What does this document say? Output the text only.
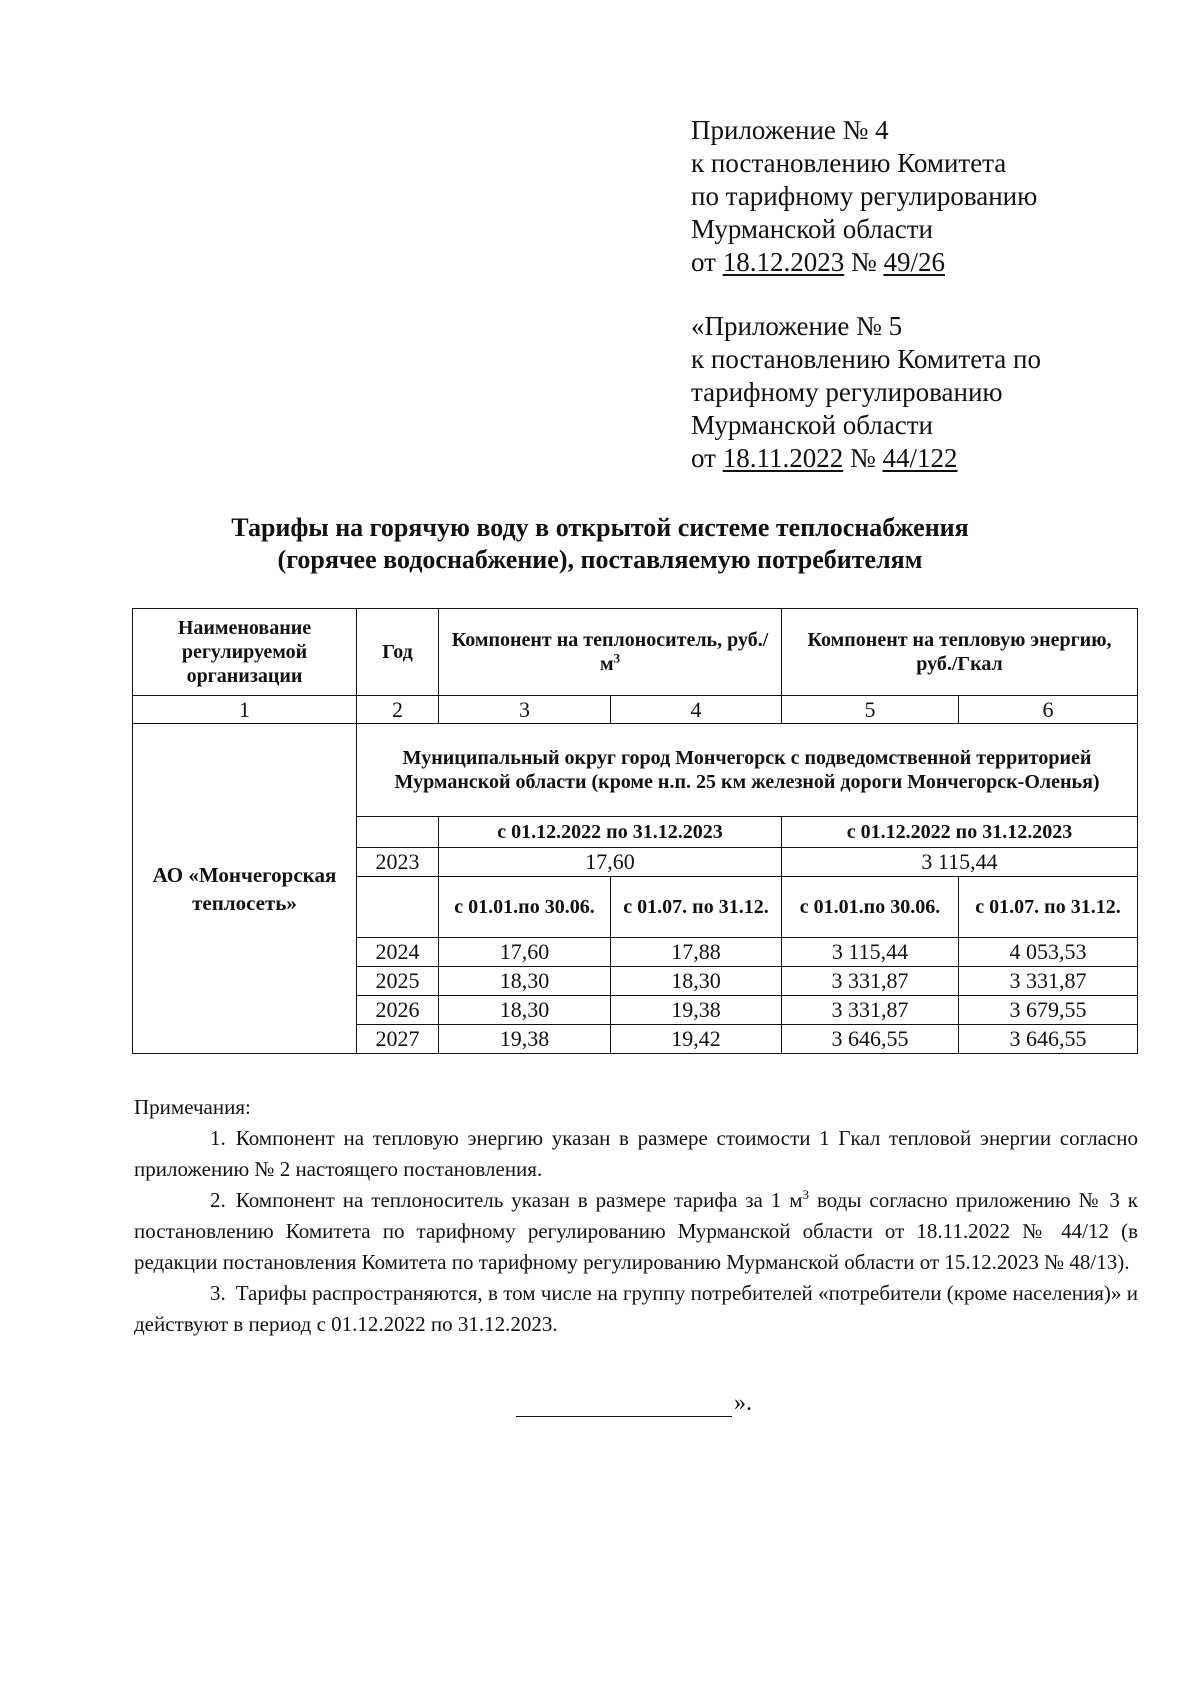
Приложение № 4
к постановлению Комитета
по тарифному регулированию
Мурманской области
от 18.12.2023 № 49/26
«Приложение № 5
к постановлению Комитета по
тарифному регулированию
Мурманской области
от 18.11.2022 № 44/122
Тарифы на горячую воду в открытой системе теплоснабжения
(горячее водоснабжение), поставляемую потребителям
Наименование регулируемой организации	Год	Компонент на теплоноситель, $руб./м^3$		Компонент на тепловую энергию, руб./Гкал	
1	2	3	4	5	6
АО «Мончегорская теплосеть»	Муниципальный округ город Мончегорск с подведомственной территорией Мурманской области (кроме н.п. 25 км железной дороги Мончегорск-Оленья)				
		с 01.12.2022 по 31.12.2023		с 01.12.2022 по 31.12.2023	
	2023	17,60		3 115,44	
		с 01.01.по 30.06.	с 01.07. по 31.12.	с 01.01.по 30.06.	с 01.07. по 31.12.
	2024	17,60	17,88	3 115,44	4 053,53
	2025	18,30	18,30	3 331,87	3 331,87
	2026	18,30	19,38	3 331,87	3 679,55
	2027	19,38	19,42	3 646,55	3 646,55
Примечания:
1. Компонент на тепловую энергию указан в размере стоимости 1 Гкал тепловой энергии согласно приложению № 2 настоящего постановления.
2. Компонент на теплоноситель указан в размере тарифа за 1 $м^3$ воды согласно приложению № 3 к постановлению Комитета по тарифному регулированию Мурманской области от 18.11.2022 № 44/12 (в редакции постановления Комитета по тарифному регулированию Мурманской области от 15.12.2023 № 48/13).
3. Тарифы распространяются, в том числе на группу потребителей «потребители (кроме населения)» и действуют в период с 01.12.2022 по 31.12.2023.
».
